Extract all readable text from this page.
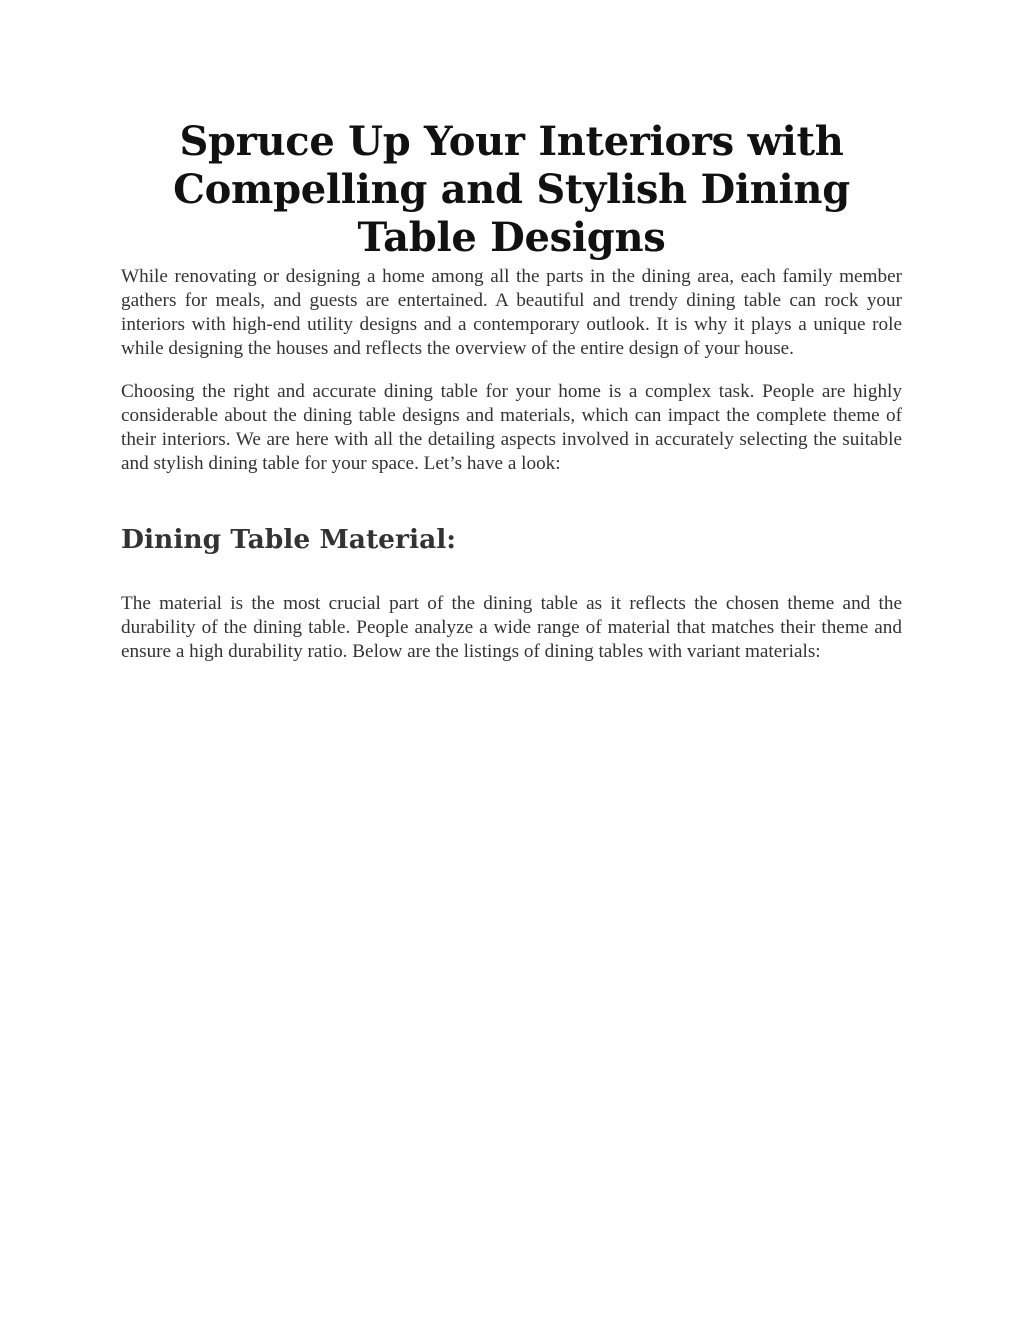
Spruce Up Your Interiors with Compelling and Stylish Dining Table Designs

While renovating or designing a home among all the parts in the dining area, each family member gathers for meals, and guests are entertained. A beautiful and trendy dining table can rock your interiors with high-end utility designs and a contemporary outlook. It is why it plays a unique role while designing the houses and reflects the overview of the entire design of your house.

Choosing the right and accurate dining table for your home is a complex task. People are highly considerable about the dining table designs and materials, which can impact the complete theme of their interiors. We are here with all the detailing aspects involved in accurately selecting the suitable and stylish dining table for your space. Let’s have a look:

Dining Table Material:

The material is the most crucial part of the dining table as it reflects the chosen theme and the durability of the dining table. People analyze a wide range of material that matches their theme and ensure a high durability ratio. Below are the listings of dining tables with variant materials:
